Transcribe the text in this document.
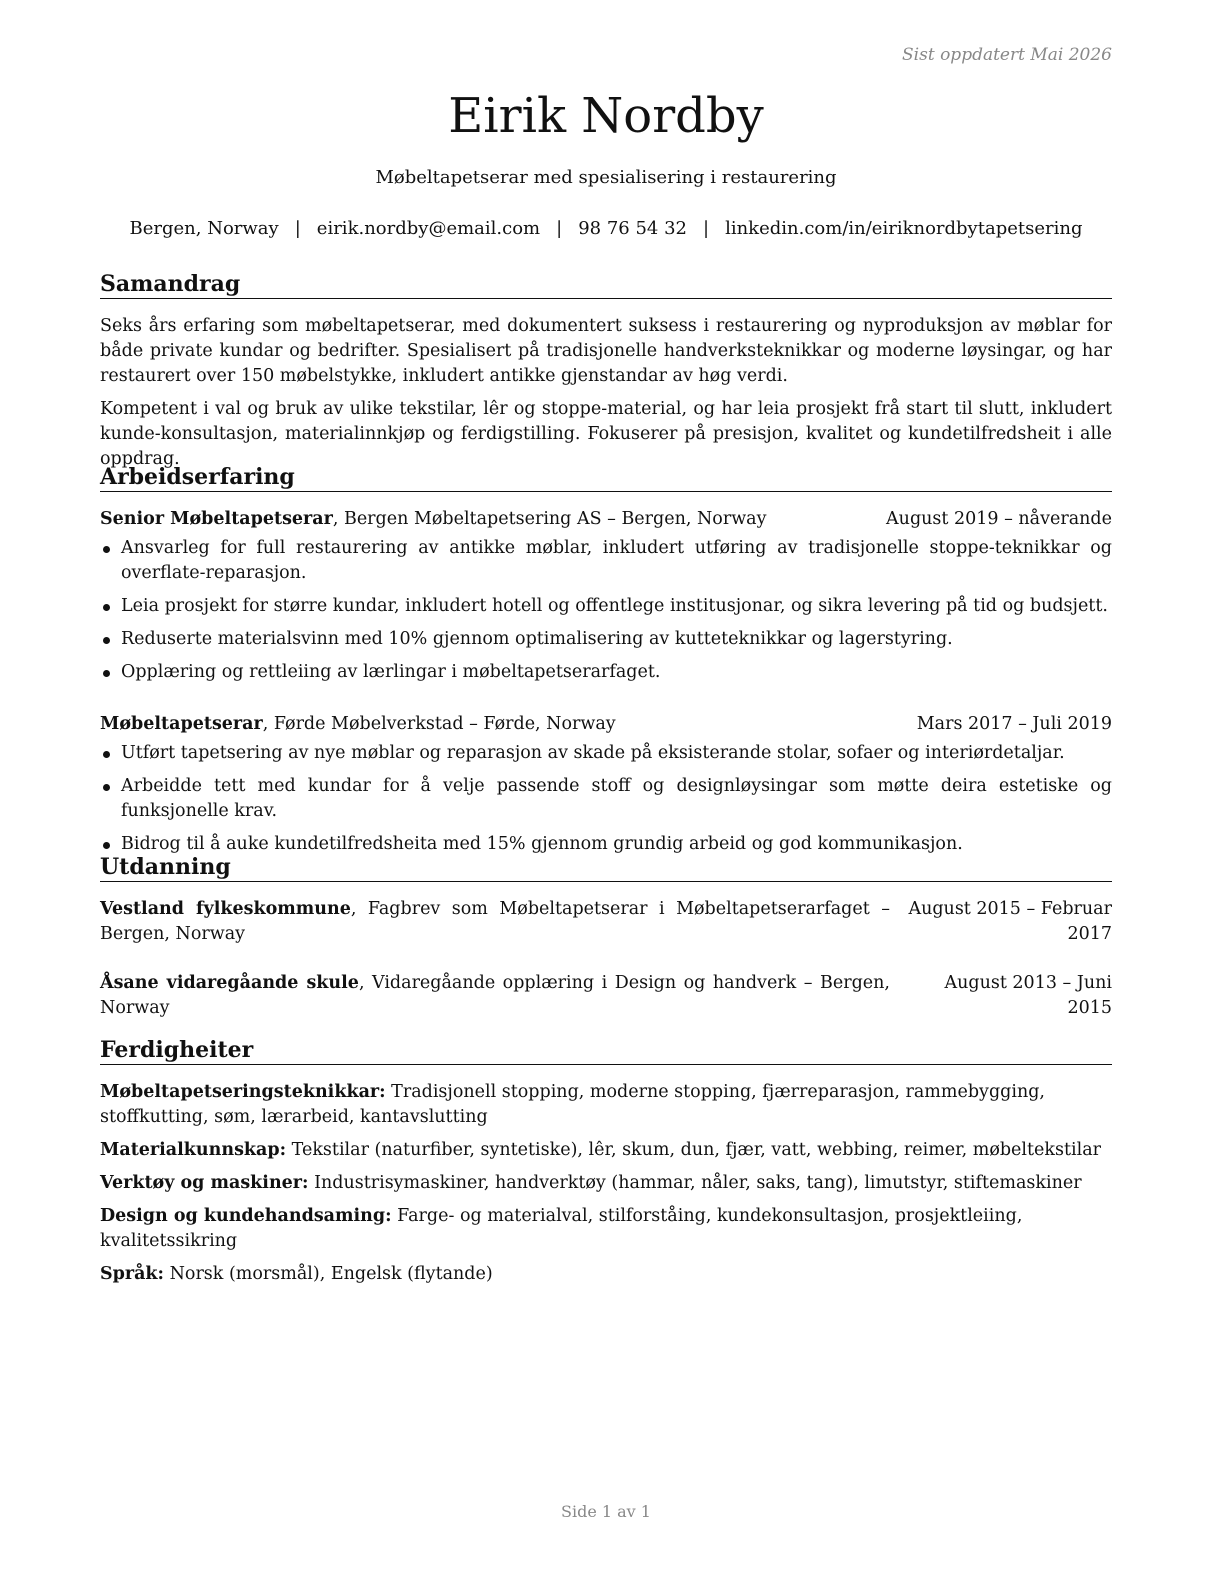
Sist oppdatert Mai 2026
Eirik Nordby
Møbeltapetserar med spesialisering i restaurering
Bergen, Norway | eirik.nordby@email.com | 98 76 54 32 | linkedin.com/in/eiriknordbytapetsering
Samandrag

Seks års erfaring som møbeltapetserar, med dokumentert suksess i restaurering og nyproduksjon av møblar for både private kundar og bedrifter. Spesialisert på tradisjonelle handverksteknikkar og moderne løysingar, og har restaurert over 150 møbelstykke, inkludert antikke gjenstandar av høg verdi.

Kompetent i val og bruk av ulike tekstilar, lêr og stoppe-material, og har leia prosjekt frå start til slutt, inkludert kunde-konsultasjon, materialinnkjøp og ferdigstilling. Fokuserer på presisjon, kvalitet og kundetilfredsheit i alle oppdrag.

Arbeidserfaring
Senior Møbeltapetserar, Bergen Møbeltapetsering AS – Bergen, Norway	August 2019 – nåverande
Ansvarleg for full restaurering av antikke møblar, inkludert utføring av tradisjonelle stoppe-teknikkar og overflate-reparasjon.
Leia prosjekt for større kundar, inkludert hotell og offentlege institusjonar, og sikra levering på tid og budsjett.
Reduserte materialsvinn med 10% gjennom optimalisering av kutteteknikkar og lagerstyring.
Opplæring og rettleiing av lærlingar i møbeltapetserarfaget.
Møbeltapetserar, Førde Møbelverkstad – Førde, Norway	Mars 2017 – Juli 2019
Utført tapetsering av nye møblar og reparasjon av skade på eksisterande stolar, sofaer og interiørdetaljar.
Arbeidde tett med kundar for å velje passende stoff og designløysingar som møtte deira estetiske og funksjonelle krav.
Bidrog til å auke kundetilfredsheita med 15% gjennom grundig arbeid og god kommunikasjon.
Utdanning
Vestland fylkeskommune, Fagbrev som Møbeltapetserar i Møbeltapetserarfaget – Bergen, Norway
August 2015 – Februar 2017
Åsane vidaregåande skule, Vidaregåande opplæring i Design og handverk – Bergen, Norway
August 2013 – Juni 2015
Ferdigheiter
Møbeltapetseringsteknikkar: Tradisjonell stopping, moderne stopping, fjærreparasjon, rammebygging, stoffkutting, søm, lærarbeid, kantavslutting
Materialkunnskap: Tekstilar (naturfiber, syntetiske), lêr, skum, dun, fjær, vatt, webbing, reimer, møbeltekstilar
Verktøy og maskiner: Industrisymaskiner, handverktøy (hammar, nåler, saks, tang), limutstyr, stiftemaskiner
Design og kundehandsaming: Farge- og materialval, stilforståing, kundekonsultasjon, prosjektleiing, kvalitetssikring
Språk: Norsk (morsmål), Engelsk (flytande)
Side 1 av 1
